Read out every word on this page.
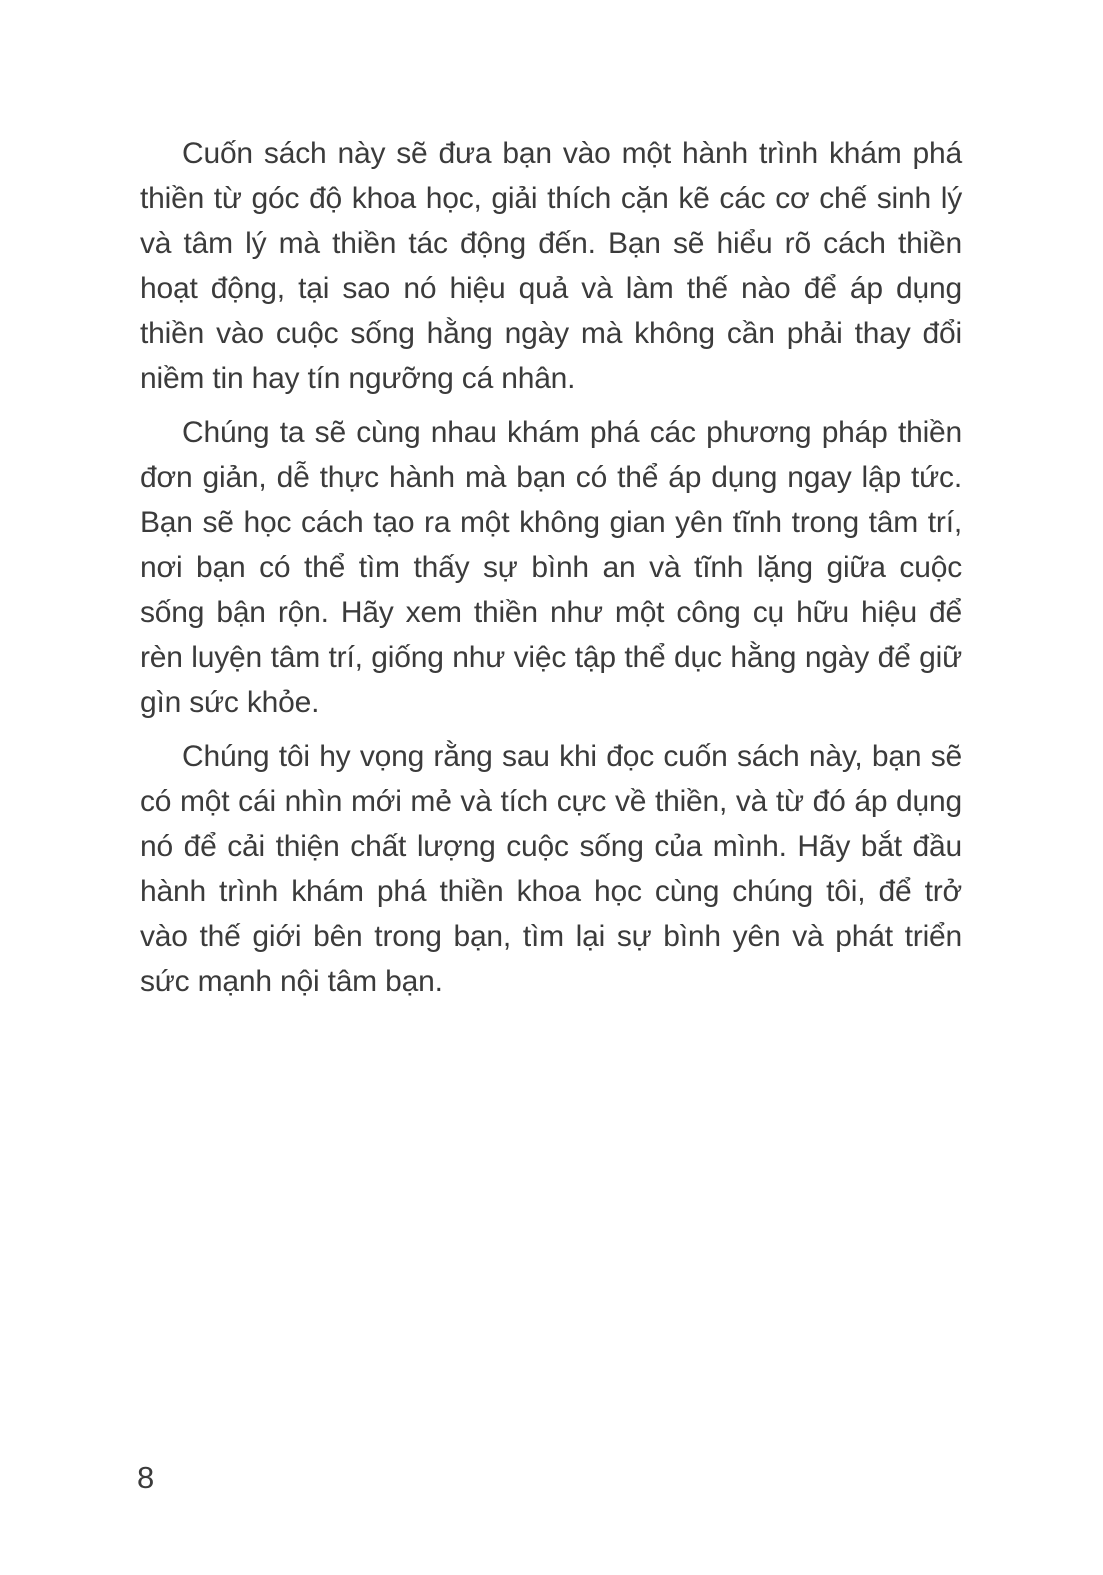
Cuốn sách này sẽ đưa bạn vào một hành trình khám phá thiền từ góc độ khoa học, giải thích cặn kẽ các cơ chế sinh lý và tâm lý mà thiền tác động đến. Bạn sẽ hiểu rõ cách thiền hoạt động, tại sao nó hiệu quả và làm thế nào để áp dụng thiền vào cuộc sống hằng ngày mà không cần phải thay đổi niềm tin hay tín ngưỡng cá nhân.

Chúng ta sẽ cùng nhau khám phá các phương pháp thiền đơn giản, dễ thực hành mà bạn có thể áp dụng ngay lập tức. Bạn sẽ học cách tạo ra một không gian yên tĩnh trong tâm trí, nơi bạn có thể tìm thấy sự bình an và tĩnh lặng giữa cuộc sống bận rộn. Hãy xem thiền như một công cụ hữu hiệu để rèn luyện tâm trí, giống như việc tập thể dục hằng ngày để giữ gìn sức khỏe.

Chúng tôi hy vọng rằng sau khi đọc cuốn sách này, bạn sẽ có một cái nhìn mới mẻ và tích cực về thiền, và từ đó áp dụng nó để cải thiện chất lượng cuộc sống của mình. Hãy bắt đầu hành trình khám phá thiền khoa học cùng chúng tôi, để trở vào thế giới bên trong bạn, tìm lại sự bình yên và phát triển sức mạnh nội tâm bạn.

8
